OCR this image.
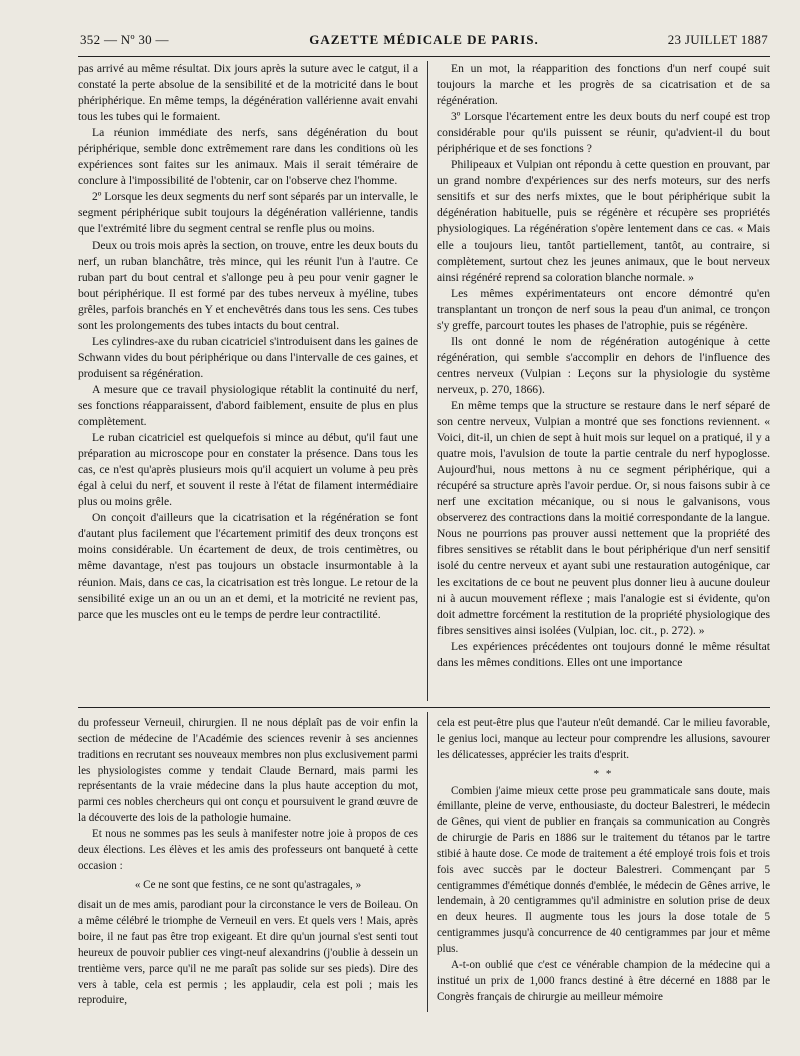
GAZETTE MÉDICALE DE PARIS.
352 — Nº 30 —	23 JUILLET 1887

pas arrivé au même résultat. Dix jours après la suture avec le catgut, il a constaté la perte absolue de la sensibilité et de la motricité dans le bout phériphérique. En même temps, la dégénération vallérienne avait envahi tous les tubes qui le formaient.

La réunion immédiate des nerfs, sans dégénération du bout périphérique, semble donc extrêmement rare dans les conditions où les expériences sont faites sur les animaux. Mais il serait téméraire de conclure à l'impossibilité de l'obtenir, car on l'observe chez l'homme.

2º Lorsque les deux segments du nerf sont séparés par un intervalle, le segment périphérique subit toujours la dégénération vallérienne, tandis que l'extrémité libre du segment central se renfle plus ou moins.

Deux ou trois mois après la section, on trouve, entre les deux bouts du nerf, un ruban blanchâtre, très mince, qui les réunit l'un à l'autre. Ce ruban part du bout central et s'allonge peu à peu pour venir gagner le bout périphérique. Il est formé par des tubes nerveux à myéline, tubes grêles, parfois branchés en Y et enchevêtrés dans tous les sens. Ces tubes sont les prolongements des tubes intacts du bout central.

Les cylindres-axe du ruban cicatriciel s'introduisent dans les gaines de Schwann vides du bout périphérique ou dans l'intervalle de ces gaines, et produisent sa régénération.

A mesure que ce travail physiologique rétablit la continuité du nerf, ses fonctions réapparaissent, d'abord faiblement, ensuite de plus en plus complètement.

Le ruban cicatriciel est quelquefois si mince au début, qu'il faut une préparation au microscope pour en constater la présence. Dans tous les cas, ce n'est qu'après plusieurs mois qu'il acquiert un volume à peu près égal à celui du nerf, et souvent il reste à l'état de filament intermédiaire plus ou moins grêle.

On conçoit d'ailleurs que la cicatrisation et la régénération se font d'autant plus facilement que l'écartement primitif des deux tronçons est moins considérable. Un écartement de deux, de trois centimètres, ou même davantage, n'est pas toujours un obstacle insurmontable à la réunion. Mais, dans ce cas, la cicatrisation est très longue. Le retour de la sensibilité exige un an ou un an et demi, et la motricité ne revient pas, parce que les muscles ont eu le temps de perdre leur contractilité.

En un mot, la réapparition des fonctions d'un nerf coupé suit toujours la marche et les progrès de sa cicatrisation et de sa régénération.

3º Lorsque l'écartement entre les deux bouts du nerf coupé est trop considérable pour qu'ils puissent se réunir, qu'advient-il du bout périphérique et de ses fonctions ?

Philipeaux et Vulpian ont répondu à cette question en prouvant, par un grand nombre d'expériences sur des nerfs moteurs, sur des nerfs sensitifs et sur des nerfs mixtes, que le bout périphérique subit la dégénération habituelle, puis se régénère et récupère ses propriétés physiologiques. La régénération s'opère lentement dans ce cas. « Mais elle a toujours lieu, tantôt partiellement, tantôt, au contraire, si complètement, surtout chez les jeunes animaux, que le bout nerveux ainsi régénéré reprend sa coloration blanche normale. »

Les mêmes expérimentateurs ont encore démontré qu'en transplantant un tronçon de nerf sous la peau d'un animal, ce tronçon s'y greffe, parcourt toutes les phases de l'atrophie, puis se régénère.

Ils ont donné le nom de régénération autogénique à cette régénération, qui semble s'accomplir en dehors de l'influence des centres nerveux (Vulpian : Leçons sur la physiologie du système nerveux, p. 270, 1866).

En même temps que la structure se restaure dans le nerf séparé de son centre nerveux, Vulpian a montré que ses fonctions reviennent. « Voici, dit-il, un chien de sept à huit mois sur lequel on a pratiqué, il y a quatre mois, l'avulsion de toute la partie centrale du nerf hypoglosse. Aujourd'hui, nous mettons à nu ce segment périphérique, qui a récupéré sa structure après l'avoir perdue. Or, si nous faisons subir à ce nerf une excitation mécanique, ou si nous le galvanisons, vous observerez des contractions dans la moitié correspondante de la langue. Nous ne pourrions pas prouver aussi nettement que la propriété des fibres sensitives se rétablit dans le bout périphérique d'un nerf sensitif isolé du centre nerveux et ayant subi une restauration autogénique, car les excitations de ce bout ne peuvent plus donner lieu à aucune douleur ni à aucun mouvement réflexe ; mais l'analogie est si évidente, qu'on doit admettre forcément la restitution de la propriété physiologique des fibres sensitives ainsi isolées (Vulpian, loc. cit., p. 272). »

Les expériences précédentes ont toujours donné le même résultat dans les mêmes conditions. Elles ont une importance

du professeur Verneuil, chirurgien. Il ne nous déplaît pas de voir enfin la section de médecine de l'Académie des sciences revenir à ses anciennes traditions en recrutant ses nouveaux membres non plus exclusivement parmi les physiologistes comme y tendait Claude Bernard, mais parmi les représentants de la vraie médecine dans la plus haute acception du mot, parmi ces nobles chercheurs qui ont conçu et poursuivent le grand œuvre de la découverte des lois de la pathologie humaine.

Et nous ne sommes pas les seuls à manifester notre joie à propos de ces deux élections. Les élèves et les amis des professeurs ont banqueté à cette occasion :

« Ce ne sont que festins, ce ne sont qu'astragales, »

disait un de mes amis, parodiant pour la circonstance le vers de Boileau. On a même célébré le triomphe de Verneuil en vers. Et quels vers ! Mais, après boire, il ne faut pas être trop exigeant. Et dire qu'un journal s'est senti tout heureux de pouvoir publier ces vingt-neuf alexandrins (j'oublie à dessein un trentième vers, parce qu'il ne me paraît pas solide sur ses pieds). Dire des vers à table, cela est permis ; les applaudir, cela est poli ; mais les reproduire,

cela est peut-être plus que l'auteur n'eût demandé. Car le milieu favorable, le genius loci, manque au lecteur pour comprendre les allusions, savourer les délicatesses, apprécier les traits d'esprit.

* *

Combien j'aime mieux cette prose peu grammaticale sans doute, mais émillante, pleine de verve, enthousiaste, du docteur Balestreri, le médecin de Gênes, qui vient de publier en français sa communication au Congrès de chirurgie de Paris en 1886 sur le traitement du tétanos par le tartre stibié à haute dose. Ce mode de traitement a été employé trois fois et trois fois avec succès par le docteur Balestreri. Commençant par 5 centigrammes d'émétique donnés d'emblée, le médecin de Gênes arrive, le lendemain, à 20 centigrammes qu'il administre en solution prise de deux en deux heures. Il augmente tous les jours la dose totale de 5 centigrammes jusqu'à concurrence de 40 centigrammes par jour et même plus.

A-t-on oublié que c'est ce vénérable champion de la médecine qui a institué un prix de 1,000 francs destiné à être décerné en 1888 par le Congrès français de chirurgie au meilleur mémoire
